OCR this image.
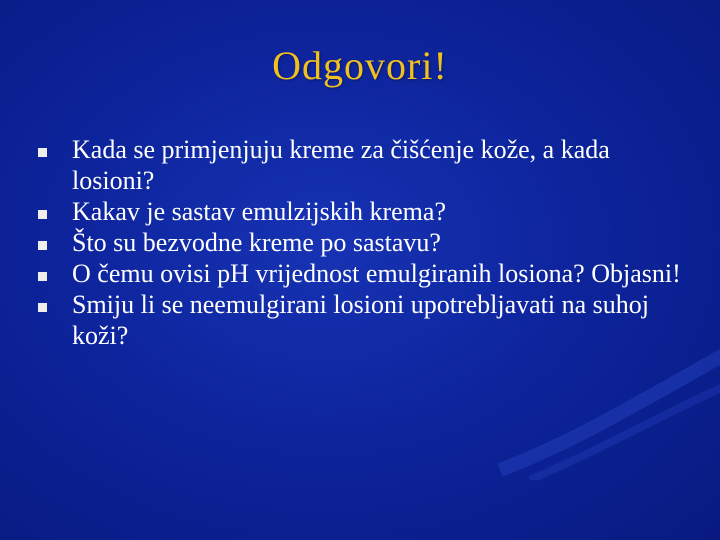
Odgovori!
Kada se primjenjuju kreme za čišćenje kože, a kada losioni?
Kakav je sastav emulzijskih krema?
Što su bezvodne kreme po sastavu?
O čemu ovisi pH vrijednost emulgiranih losiona? Objasni!
Smiju li se neemulgirani losioni upotrebljavati na suhoj koži?
